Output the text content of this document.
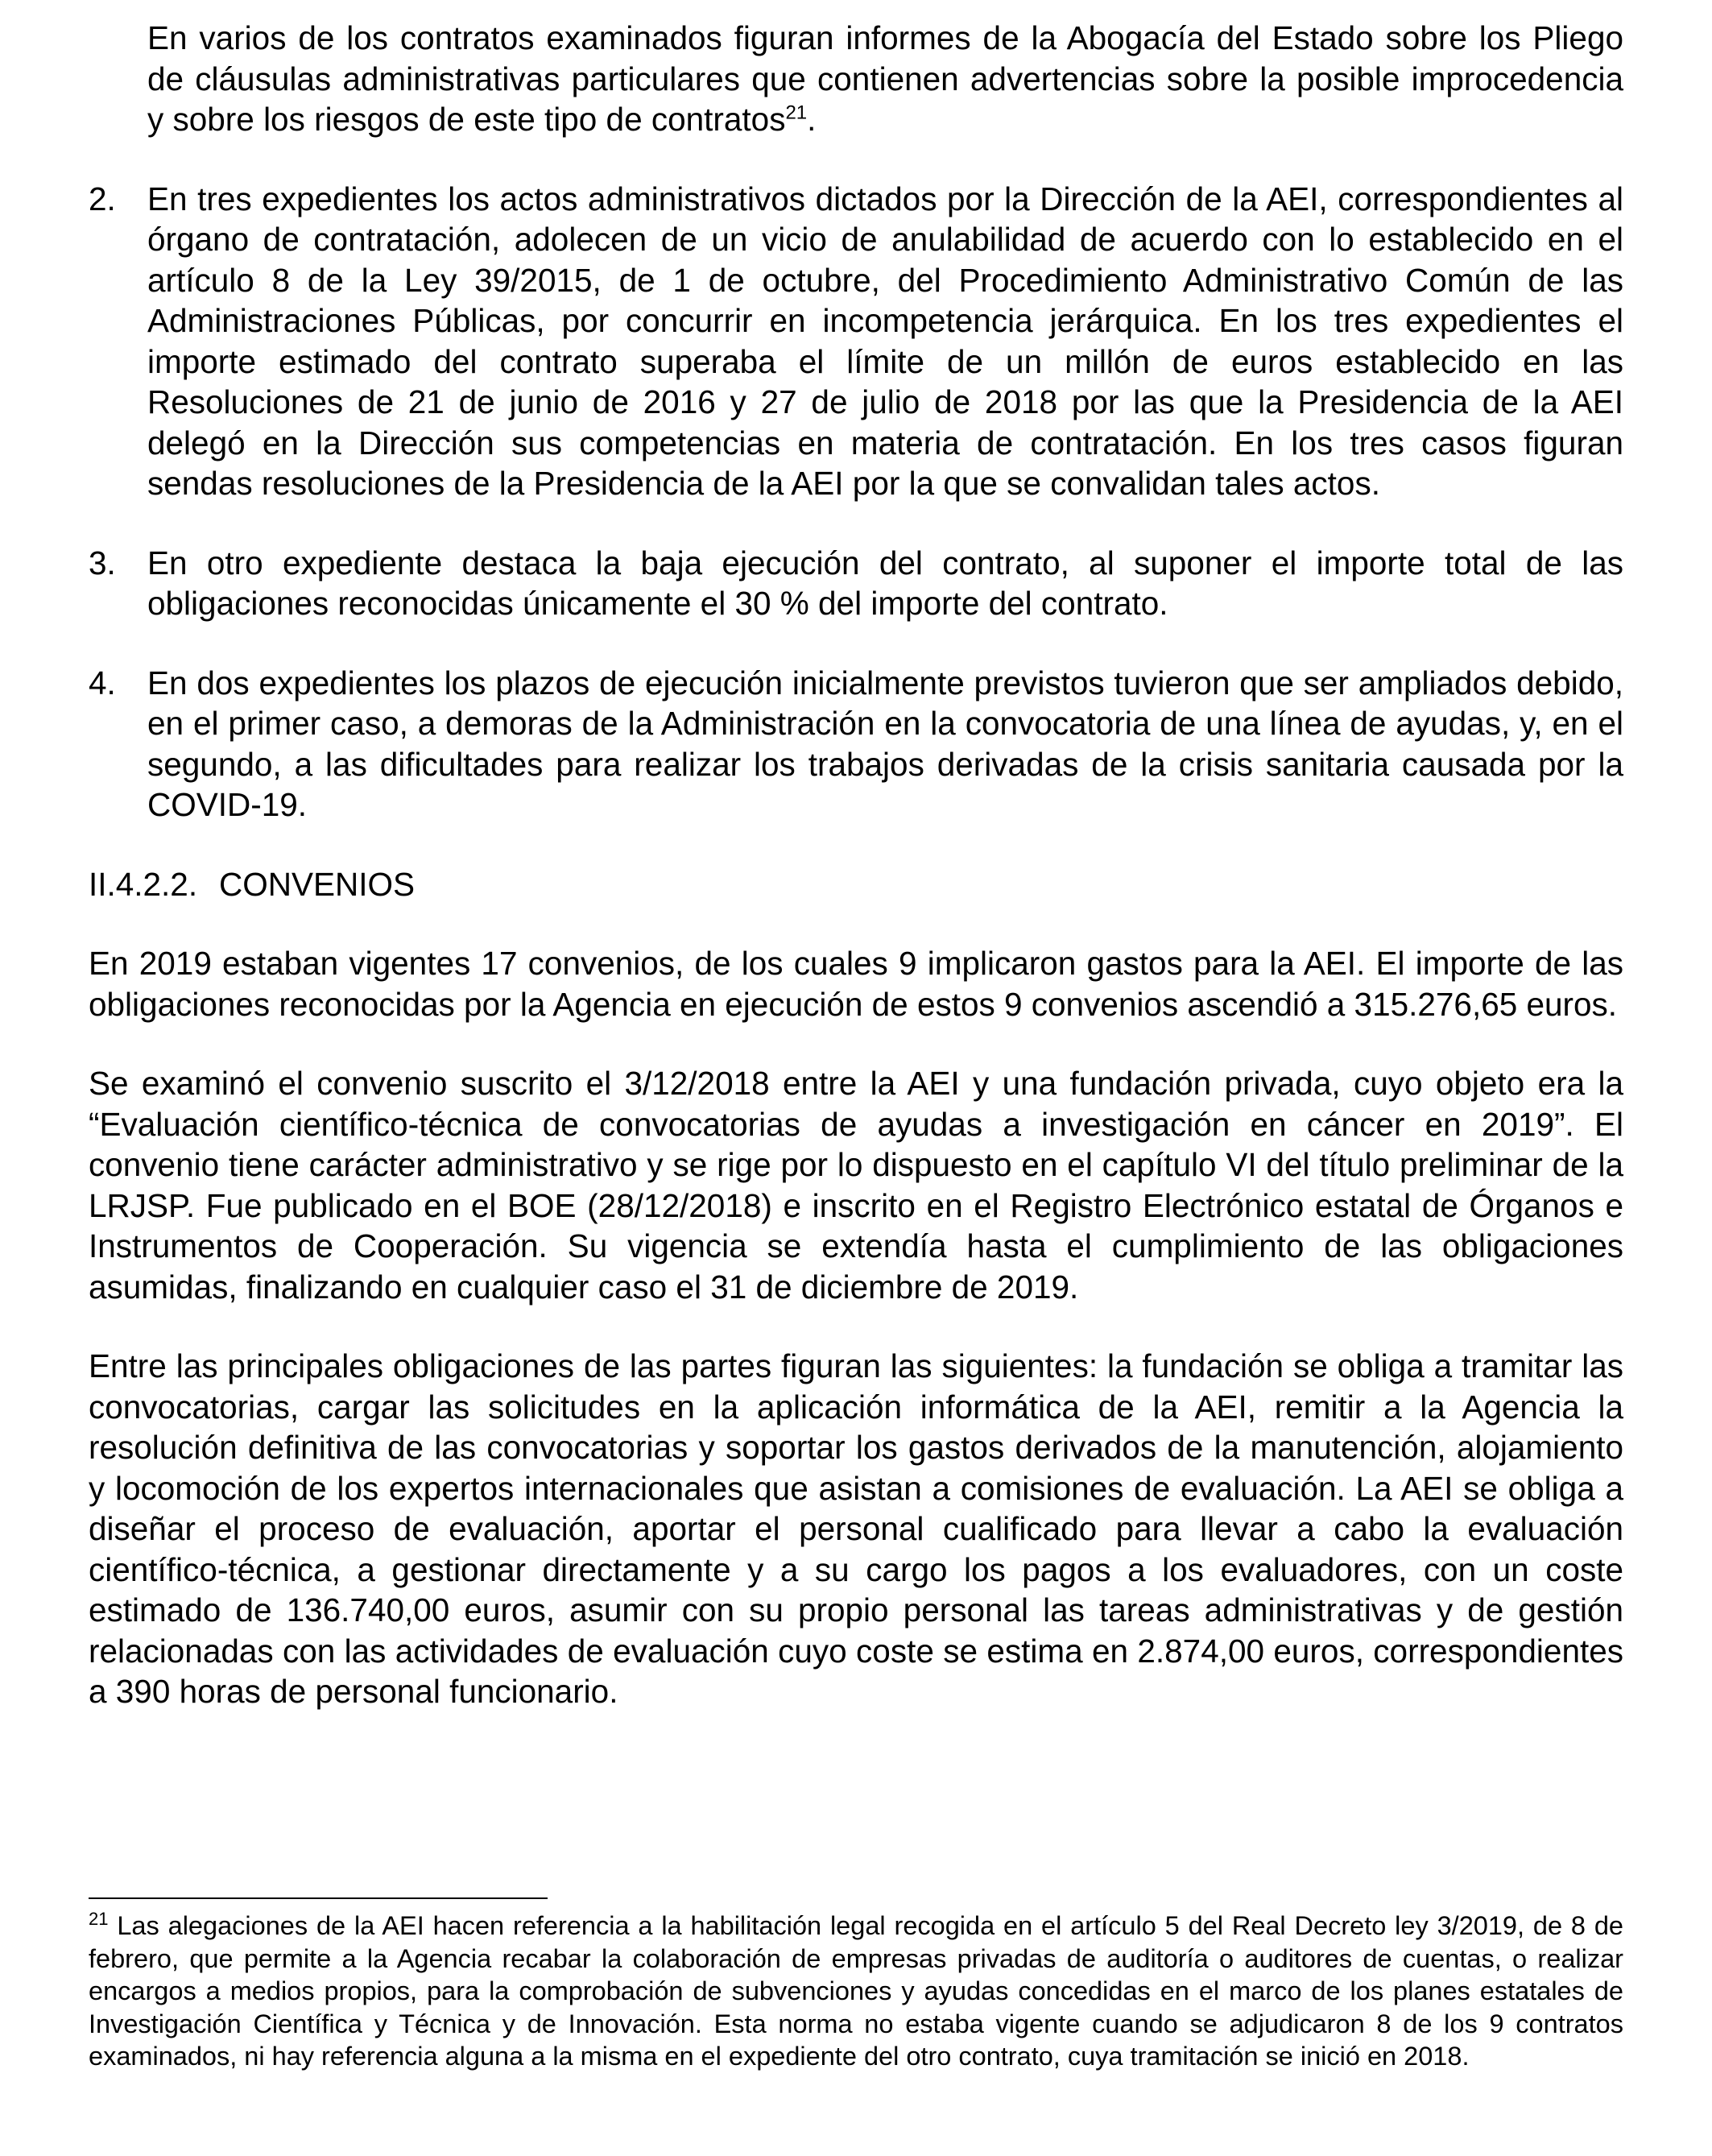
En varios de los contratos examinados figuran informes de la Abogacía del Estado sobre los Pliego de cláusulas administrativas particulares que contienen advertencias sobre la posible improcedencia y sobre los riesgos de este tipo de contratos$^{21}$.

2. En tres expedientes los actos administrativos dictados por la Dirección de la AEI, correspondientes al órgano de contratación, adolecen de un vicio de anulabilidad de acuerdo con lo establecido en el artículo 8 de la Ley 39/2015, de 1 de octubre, del Procedimiento Administrativo Común de las Administraciones Públicas, por concurrir en incompetencia jerárquica. En los tres expedientes el importe estimado del contrato superaba el límite de un millón de euros establecido en las Resoluciones de 21 de junio de 2016 y 27 de julio de 2018 por las que la Presidencia de la AEI delegó en la Dirección sus competencias en materia de contratación. En los tres casos figuran sendas resoluciones de la Presidencia de la AEI por la que se convalidan tales actos.

3. En otro expediente destaca la baja ejecución del contrato, al suponer el importe total de las obligaciones reconocidas únicamente el 30 % del importe del contrato.

4. En dos expedientes los plazos de ejecución inicialmente previstos tuvieron que ser ampliados debido, en el primer caso, a demoras de la Administración en la convocatoria de una línea de ayudas, y, en el segundo, a las dificultades para realizar los trabajos derivadas de la crisis sanitaria causada por la COVID-19.

II.4.2.2. CONVENIOS

En 2019 estaban vigentes 17 convenios, de los cuales 9 implicaron gastos para la AEI. El importe de las obligaciones reconocidas por la Agencia en ejecución de estos 9 convenios ascendió a 315.276,65 euros.

Se examinó el convenio suscrito el 3/12/2018 entre la AEI y una fundación privada, cuyo objeto era la “Evaluación científico-técnica de convocatorias de ayudas a investigación en cáncer en 2019”. El convenio tiene carácter administrativo y se rige por lo dispuesto en el capítulo VI del título preliminar de la LRJSP. Fue publicado en el BOE (28/12/2018) e inscrito en el Registro Electrónico estatal de Órganos e Instrumentos de Cooperación. Su vigencia se extendía hasta el cumplimiento de las obligaciones asumidas, finalizando en cualquier caso el 31 de diciembre de 2019.

Entre las principales obligaciones de las partes figuran las siguientes: la fundación se obliga a tramitar las convocatorias, cargar las solicitudes en la aplicación informática de la AEI, remitir a la Agencia la resolución definitiva de las convocatorias y soportar los gastos derivados de la manutención, alojamiento y locomoción de los expertos internacionales que asistan a comisiones de evaluación. La AEI se obliga a diseñar el proceso de evaluación, aportar el personal cualificado para llevar a cabo la evaluación científico-técnica, a gestionar directamente y a su cargo los pagos a los evaluadores, con un coste estimado de 136.740,00 euros, asumir con su propio personal las tareas administrativas y de gestión relacionadas con las actividades de evaluación cuyo coste se estima en 2.874,00 euros, correspondientes a 390 horas de personal funcionario.

$^{21}$ Las alegaciones de la AEI hacen referencia a la habilitación legal recogida en el artículo 5 del Real Decreto ley 3/2019, de 8 de febrero, que permite a la Agencia recabar la colaboración de empresas privadas de auditoría o auditores de cuentas, o realizar encargos a medios propios, para la comprobación de subvenciones y ayudas concedidas en el marco de los planes estatales de Investigación Científica y Técnica y de Innovación. Esta norma no estaba vigente cuando se adjudicaron 8 de los 9 contratos examinados, ni hay referencia alguna a la misma en el expediente del otro contrato, cuya tramitación se inició en 2018.
